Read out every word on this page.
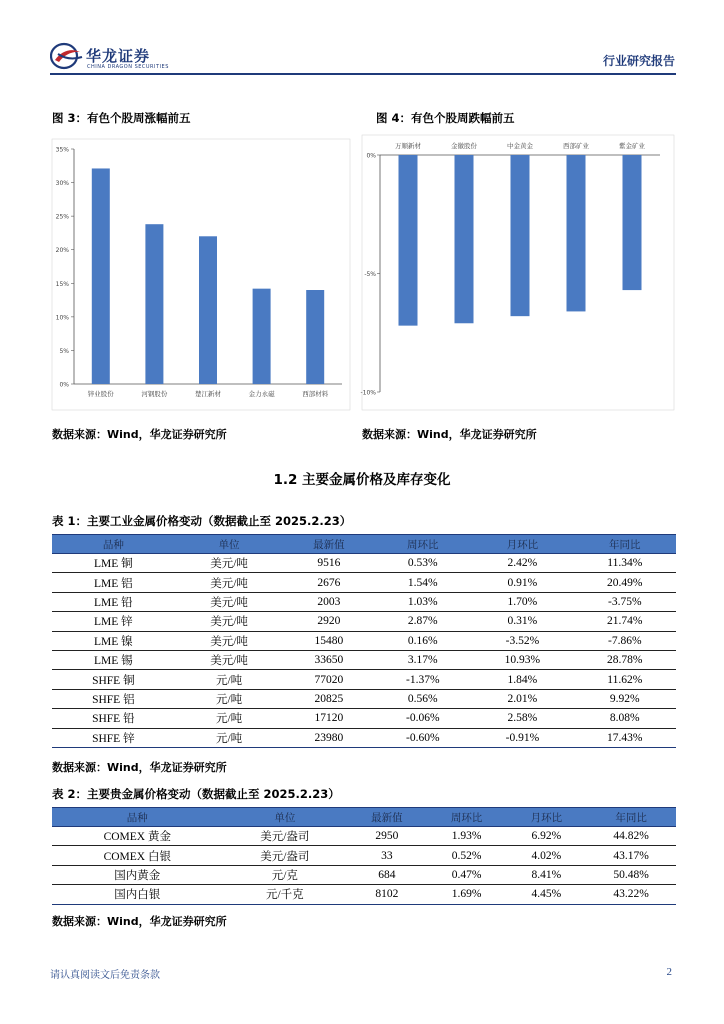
华龙证券
CHINA DRAGON SECURITIES	行业研究报告
图 3：有色个股周涨幅前五
0%
5%
10%
15%
20%
25%
30%
35%
锌业股份	河钢股份	楚江新材	金力永磁	西部材料
数据来源：Wind，华龙证券研究所
图 4：有色个股周跌幅前五
0%
-5%
-10%
万顺新材	金徽股份	中金黄金	西部矿业	紫金矿业
数据来源：Wind，华龙证券研究所
1.2 主要金属价格及库存变化
表 1：主要工业金属价格变动（数据截止至 2025.2.23）
品种	单位	最新值	周环比	月环比	年同比
LME 铜	美元/吨	9516	0.53%	2.42%	11.34%
LME 铝	美元/吨	2676	1.54%	0.91%	20.49%
LME 铅	美元/吨	2003	1.03%	1.70%	-3.75%
LME 锌	美元/吨	2920	2.87%	0.31%	21.74%
LME 镍	美元/吨	15480	0.16%	-3.52%	-7.86%
LME 锡	美元/吨	33650	3.17%	10.93%	28.78%
SHFE 铜	元/吨	77020	-1.37%	1.84%	11.62%
SHFE 铝	元/吨	20825	0.56%	2.01%	9.92%
SHFE 铅	元/吨	17120	-0.06%	2.58%	8.08%
SHFE 锌	元/吨	23980	-0.60%	-0.91%	17.43%
数据来源：Wind，华龙证券研究所
表 2：主要贵金属价格变动（数据截止至 2025.2.23）
品种	单位	最新值	周环比	月环比	年同比
COMEX 黄金	美元/盎司	2950	1.93%	6.92%	44.82%
COMEX 白银	美元/盎司	33	0.52%	4.02%	43.17%
国内黄金	元/克	684	0.47%	8.41%	50.48%
国内白银	元/千克	8102	1.69%	4.45%	43.22%
数据来源：Wind，华龙证券研究所
请认真阅读文后免责条款	2
